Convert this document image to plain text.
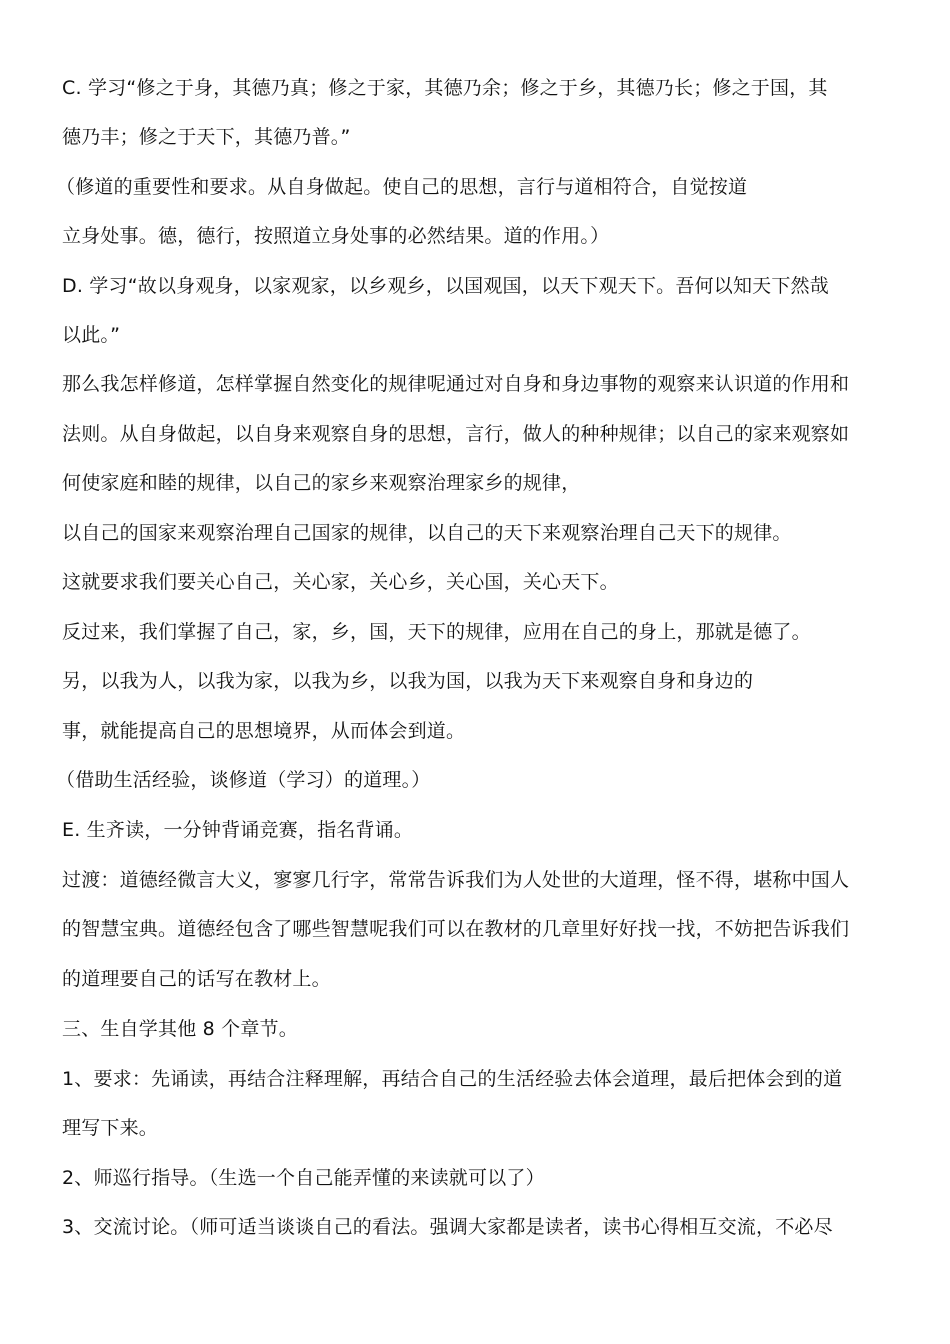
C. 学习“修之于身，其德乃真；修之于家，其德乃余；修之于乡，其德乃长；修之于国，其
德乃丰；修之于天下，其德乃普。”
（修道的重要性和要求。从自身做起。使自己的思想，言行与道相符合，自觉按道
立身处事。德，德行，按照道立身处事的必然结果。道的作用。）
D. 学习“故以身观身，以家观家，以乡观乡，以国观国，以天下观天下。吾何以知天下然哉
以此。”
那么我怎样修道，怎样掌握自然变化的规律呢通过对自身和身边事物的观察来认识道的作用和
法则。从自身做起，以自身来观察自身的思想，言行，做人的种种规律；以自己的家来观察如
何使家庭和睦的规律，以自己的家乡来观察治理家乡的规律，
以自己的国家来观察治理自己国家的规律，以自己的天下来观察治理自己天下的规律。
这就要求我们要关心自己，关心家，关心乡，关心国，关心天下。
反过来，我们掌握了自己，家，乡，国，天下的规律，应用在自己的身上，那就是德了。
另，以我为人，以我为家，以我为乡，以我为国，以我为天下来观察自身和身边的
事，就能提高自己的思想境界，从而体会到道。
（借助生活经验，谈修道（学习）的道理。）
E. 生齐读，一分钟背诵竞赛，指名背诵。
过渡：道德经微言大义，寥寥几行字，常常告诉我们为人处世的大道理，怪不得，堪称中国人
的智慧宝典。道德经包含了哪些智慧呢我们可以在教材的几章里好好找一找，不妨把告诉我们
的道理要自己的话写在教材上。
三、生自学其他 8 个章节。
1、要求：先诵读，再结合注释理解，再结合自己的生活经验去体会道理，最后把体会到的道
理写下来。
2、师巡行指导。（生选一个自己能弄懂的来读就可以了）
3、交流讨论。（师可适当谈谈自己的看法。强调大家都是读者，读书心得相互交流，不必尽
